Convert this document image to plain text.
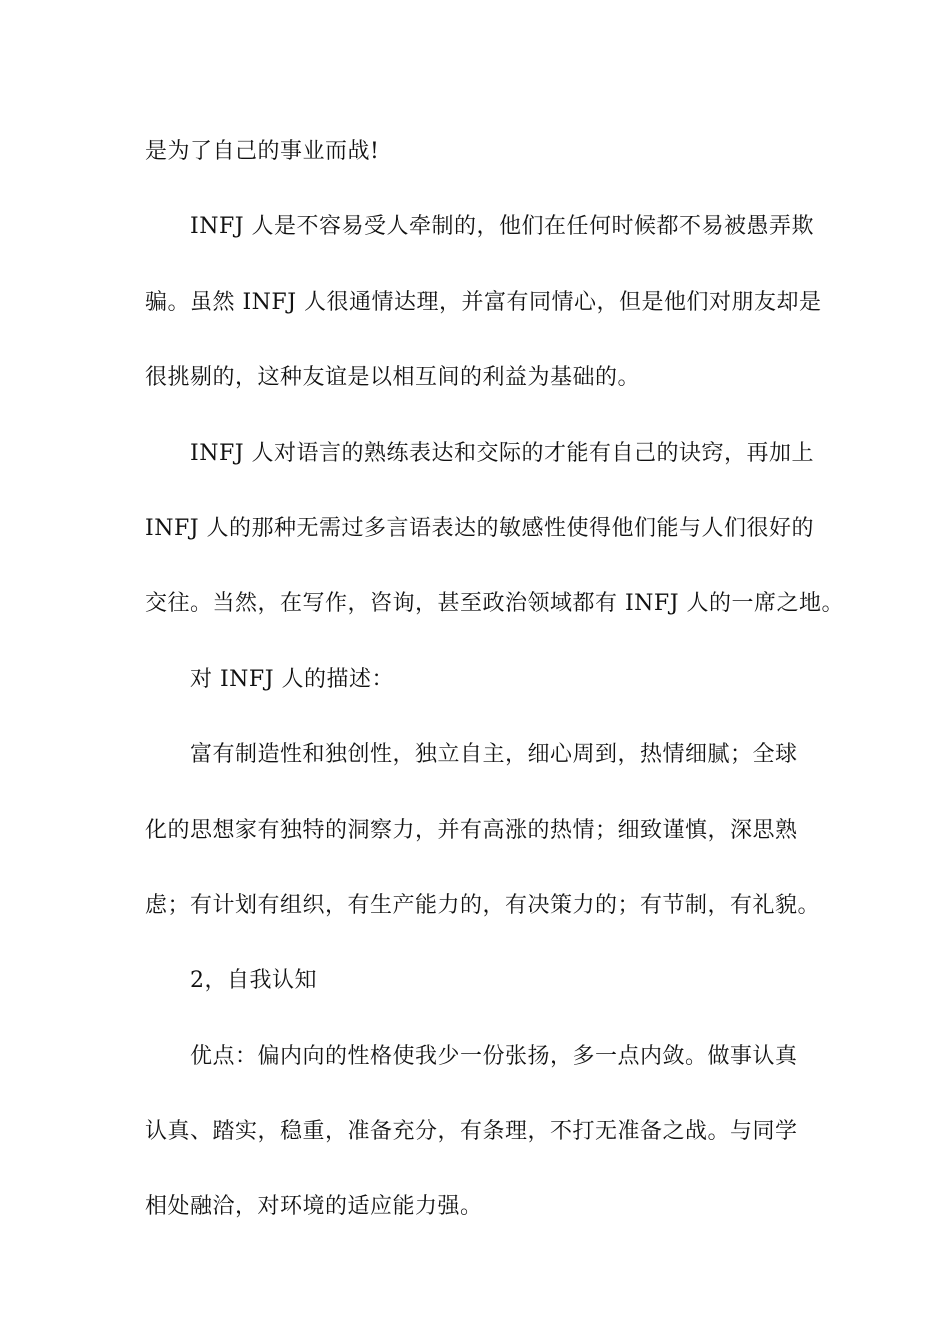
是为了自己的事业而战!
INFJ 人是不容易受人牵制的，他们在任何时候都不易被愚弄欺
骗。虽然 INFJ 人很通情达理，并富有同情心，但是他们对朋友却是
很挑剔的，这种友谊是以相互间的利益为基础的。
INFJ 人对语言的熟练表达和交际的才能有自己的诀窍，再加上
INFJ 人的那种无需过多言语表达的敏感性使得他们能与人们很好的
交往。当然，在写作，咨询，甚至政治领域都有 INFJ 人的一席之地。
对 INFJ 人的描述：
富有制造性和独创性，独立自主，细心周到，热情细腻；全球
化的思想家有独特的洞察力，并有高涨的热情；细致谨慎，深思熟
虑；有计划有组织，有生产能力的，有决策力的；有节制，有礼貌。
2，自我认知
优点：偏内向的性格使我少一份张扬，多一点内敛。做事认真
认真、踏实，稳重，准备充分，有条理，不打无准备之战。与同学
相处融洽，对环境的适应能力强。
